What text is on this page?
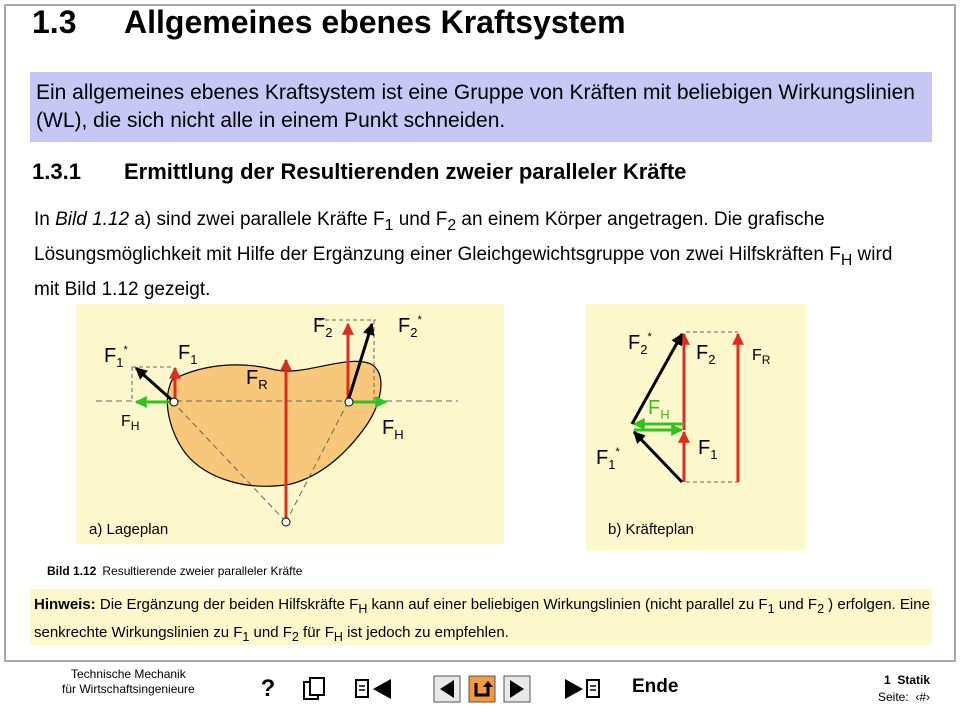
1.3 Allgemeines ebenes Kraftsystem

Ein allgemeines ebenes Kraftsystem ist eine Gruppe von Kräften mit beliebigen Wirkungslinien (WL), die sich nicht alle in einem Punkt schneiden.

1.3.1 Ermittlung der Resultierenden zweier paralleler Kräfte
In Bild 1.12 a) sind zwei parallele Kräfte $F_1$ und $F_2$ an einem Körper angetragen. Die grafische Lösungsmöglichkeit mit Hilfe der Ergänzung einer Gleichgewichtsgruppe von zwei Hilfskräften $F_H$ wird mit Bild 1.12 gezeigt.
$F_1^*$	$F_1$
$F_2$	$F_2^*$
$F_R$
$F_H$	$F_H$
a) Lageplan
$F_2^*$
$F_2$ $F_R$
$F_H$
$F_1$
$F_1^*$
b) Kräfteplan
Bild 1.12 Resultierende zweier paralleler Kräfte

Hinweis: Die Ergänzung der beiden Hilfskräfte $F_H$ kann auf einer beliebigen Wirkungslinien (nicht parallel zu $F_1$ und $F_2$ ) erfolgen. Eine senkrechte Wirkungslinien zu $F_1$ und $F_2$ für $F_H$ ist jedoch zu empfehlen.

Technische Mechanik
für Wirtschaftsingenieure	?	Ende	1 Statik
Seite: ‹#›
